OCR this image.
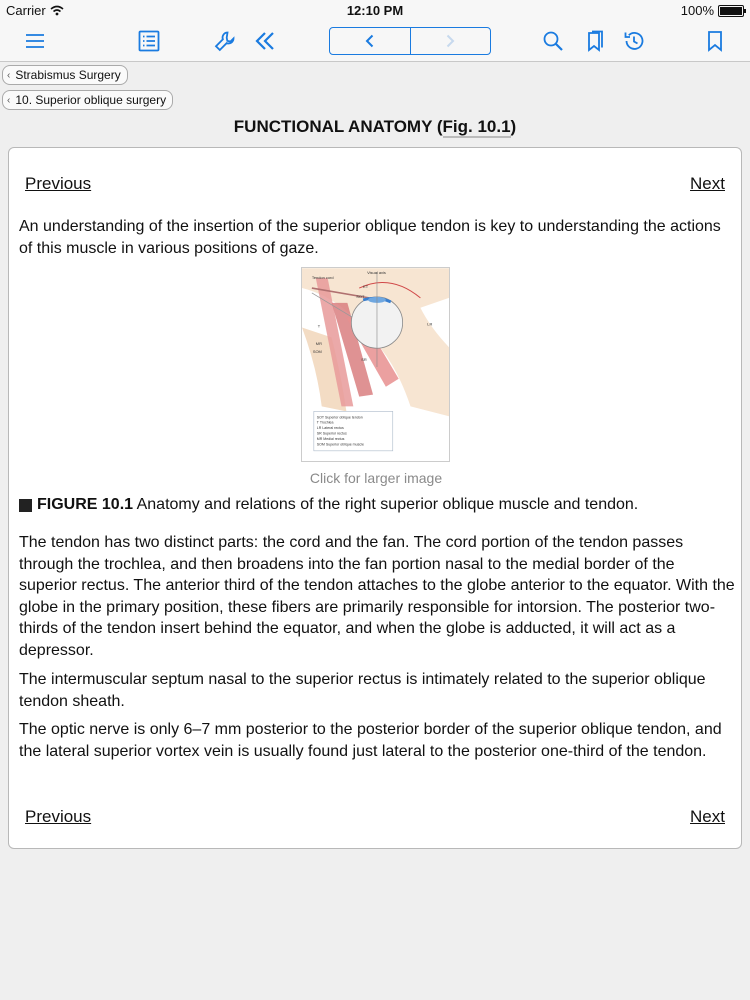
Carrier	12:10 PM	100%
‹ Strabismus Surgery
‹ 10. Superior oblique surgery
FUNCTIONAL ANATOMY (Fig. 10.1)
Previous	Next

An understanding of the insertion of the superior oblique tendon is key to understanding the actions of this muscle in various positions of gaze.

Tendon cord
Visual axis
SOT
ET
LR
T
MR
SOM
SR
SOT Superior oblique tendon
T Trochlea
LR Lateral rectus
SR Superior rectus
MR Medial rectus
SOM Superior oblique muscle
Click for larger image
FIGURE 10.1 Anatomy and relations of the right superior oblique muscle and tendon.

The tendon has two distinct parts: the cord and the fan. The cord portion of the tendon passes through the trochlea, and then broadens into the fan portion nasal to the medial border of the superior rectus. The anterior third of the tendon attaches to the globe anterior to the equator. With the globe in the primary position, these fibers are primarily responsible for intorsion. The posterior two-thirds of the tendon insert behind the equator, and when the globe is adducted, it will act as a depressor.

The intermuscular septum nasal to the superior rectus is intimately related to the superior oblique tendon sheath.

The optic nerve is only 6–7 mm posterior to the posterior border of the superior oblique tendon, and the lateral superior vortex vein is usually found just lateral to the posterior one-third of the tendon.

Previous	Next
